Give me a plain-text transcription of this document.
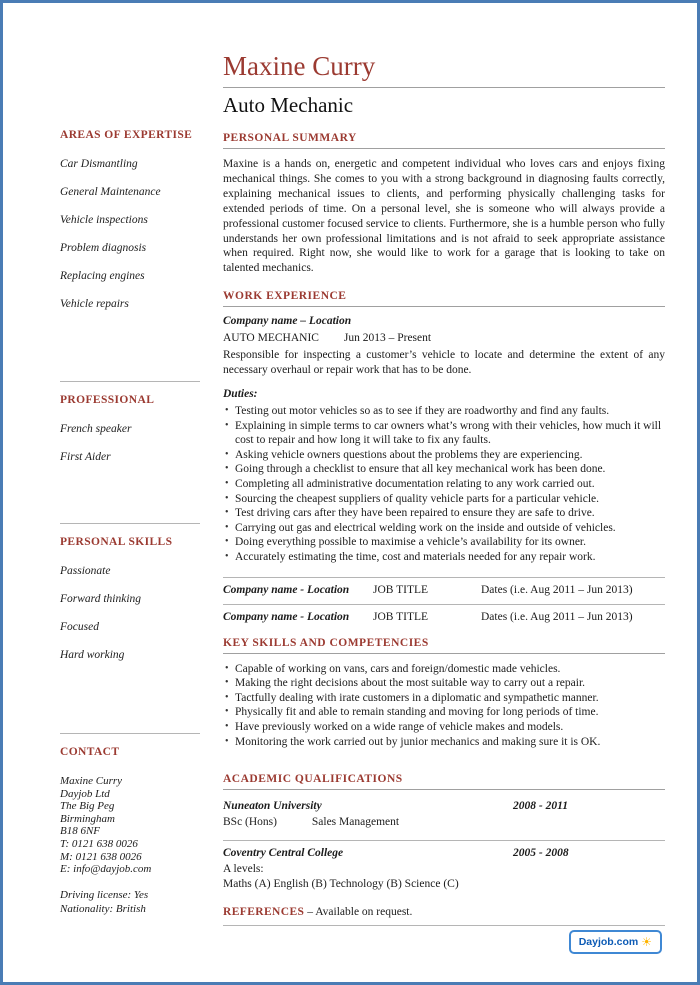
AREAS OF EXPERTISE
Car Dismantling
General Maintenance
Vehicle inspections
Problem diagnosis
Replacing engines
Vehicle repairs
PROFESSIONAL
French speaker
First Aider
PERSONAL SKILLS
Passionate
Forward thinking
Focused
Hard working
CONTACT
Maxine Curry
Dayjob Ltd
The Big Peg
Birmingham
B18 6NF
T: 0121 638 0026
M: 0121 638 0026
E: info@dayjob.com
Driving license: Yes
Nationality: British
Maxine Curry
Auto Mechanic
PERSONAL SUMMARY

Maxine is a hands on, energetic and competent individual who loves cars and enjoys fixing mechanical things. She comes to you with a strong background in diagnosing faults correctly, explaining mechanical issues to clients, and performing physically challenging tasks for extended periods of time. On a personal level, she is someone who will always provide a professional customer focused service to clients. Furthermore, she is a humble person who fully understands her own professional limitations and is not afraid to seek appropriate assistance when required. Right now, she would like to work for a garage that is looking to take on talented mechanics.

WORK EXPERIENCE

Company name – Location

AUTO MECHANIC Jun 2013 – Present

Responsible for inspecting a customer’s vehicle to locate and determine the extent of any necessary overhaul or repair work that has to be done.

Duties:

• Testing out motor vehicles so as to see if they are roadworthy and find any faults.
• Explaining in simple terms to car owners what’s wrong with their vehicles, how much it will cost to repair and how long it will take to fix any faults.
• Asking vehicle owners questions about the problems they are experiencing.
• Going through a checklist to ensure that all key mechanical work has been done.
• Completing all administrative documentation relating to any work carried out.
• Sourcing the cheapest suppliers of quality vehicle parts for a particular vehicle.
• Test driving cars after they have been repaired to ensure they are safe to drive.
• Carrying out gas and electrical welding work on the inside and outside of vehicles.
• Doing everything possible to maximise a vehicle’s availability for its owner.
• Accurately estimating the time, cost and materials needed for any repair work.
Company name - Location	JOB TITLE	Dates (i.e. Aug 2011 – Jun 2013)
Company name - Location	JOB TITLE	Dates (i.e. Aug 2011 – Jun 2013)
KEY SKILLS AND COMPETENCIES
• Capable of working on vans, cars and foreign/domestic made vehicles.
• Making the right decisions about the most suitable way to carry out a repair.
• Tactfully dealing with irate customers in a diplomatic and sympathetic manner.
• Physically fit and able to remain standing and moving for long periods of time.
• Have previously worked on a wide range of vehicle makes and models.
• Monitoring the work carried out by junior mechanics and making sure it is OK.
ACADEMIC QUALIFICATIONS
Nuneaton University	2008 - 2011
BSc (Hons)	Sales Management
Coventry Central College	2005 - 2008
A levels:
Maths (A) English (B) Technology (B) Science (C)
REFERENCES – Available on request.
Dayjob.com ☀
